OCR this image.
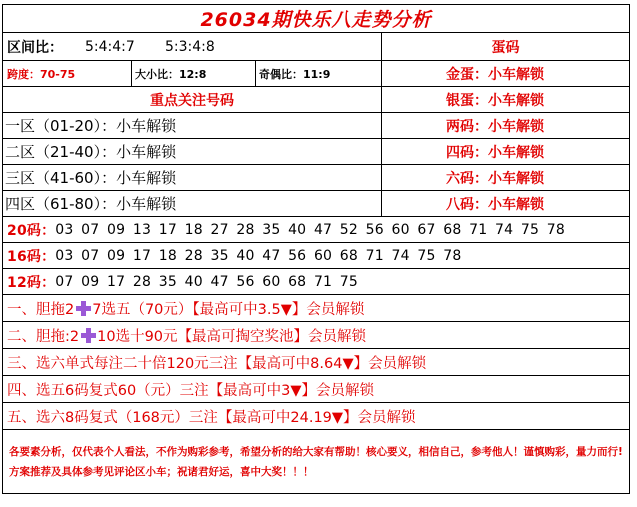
26034期快乐八走势分析
区间比：	5:4:4:7	5:3:4:8	蛋码
跨度：70-75	大小比：12:8	奇偶比：11:9	金蛋： 小车解锁
重点关注号码	银蛋： 小车解锁
一区（01-20）： 小车解锁	两码： 小车解锁
二区（21-40）： 小车解锁	四码： 小车解锁
三区（41-60）： 小车解锁	六码： 小车解锁
四区（61-80）： 小车解锁	八码： 小车解锁
20码： 03 07 09 13 17 18 27 28 35 40 47 52 56 60 67 68 71 74 75 78
16码： 03 07 09 17 18 28 35 40 47 56 60 68 71 74 75 78
12码： 07 09 17 28 35 40 47 56 60 68 71 75
一、胆拖2 7选五（70元）【最高可中3.5▼】会员解锁
二、胆拖:2 10选十90元【最高可掏空奖池】会员解锁
三、选六单式每注二十倍120元三注【最高可中8.64▼】会员解锁
四、选五6码复式60（元）三注【最高可中3▼】会员解锁
五、选六8码复式（168元）三注【最高可中24.19▼】会员解锁
各要素分析，仅代表个人看法，不作为购彩参考，希望分析的给大家有帮助！核心要义，相信自己，参考他人！谨慎购彩，量力而行!方案推荐及具体参考见评论区小车；祝诸君好运，喜中大奖！！！
